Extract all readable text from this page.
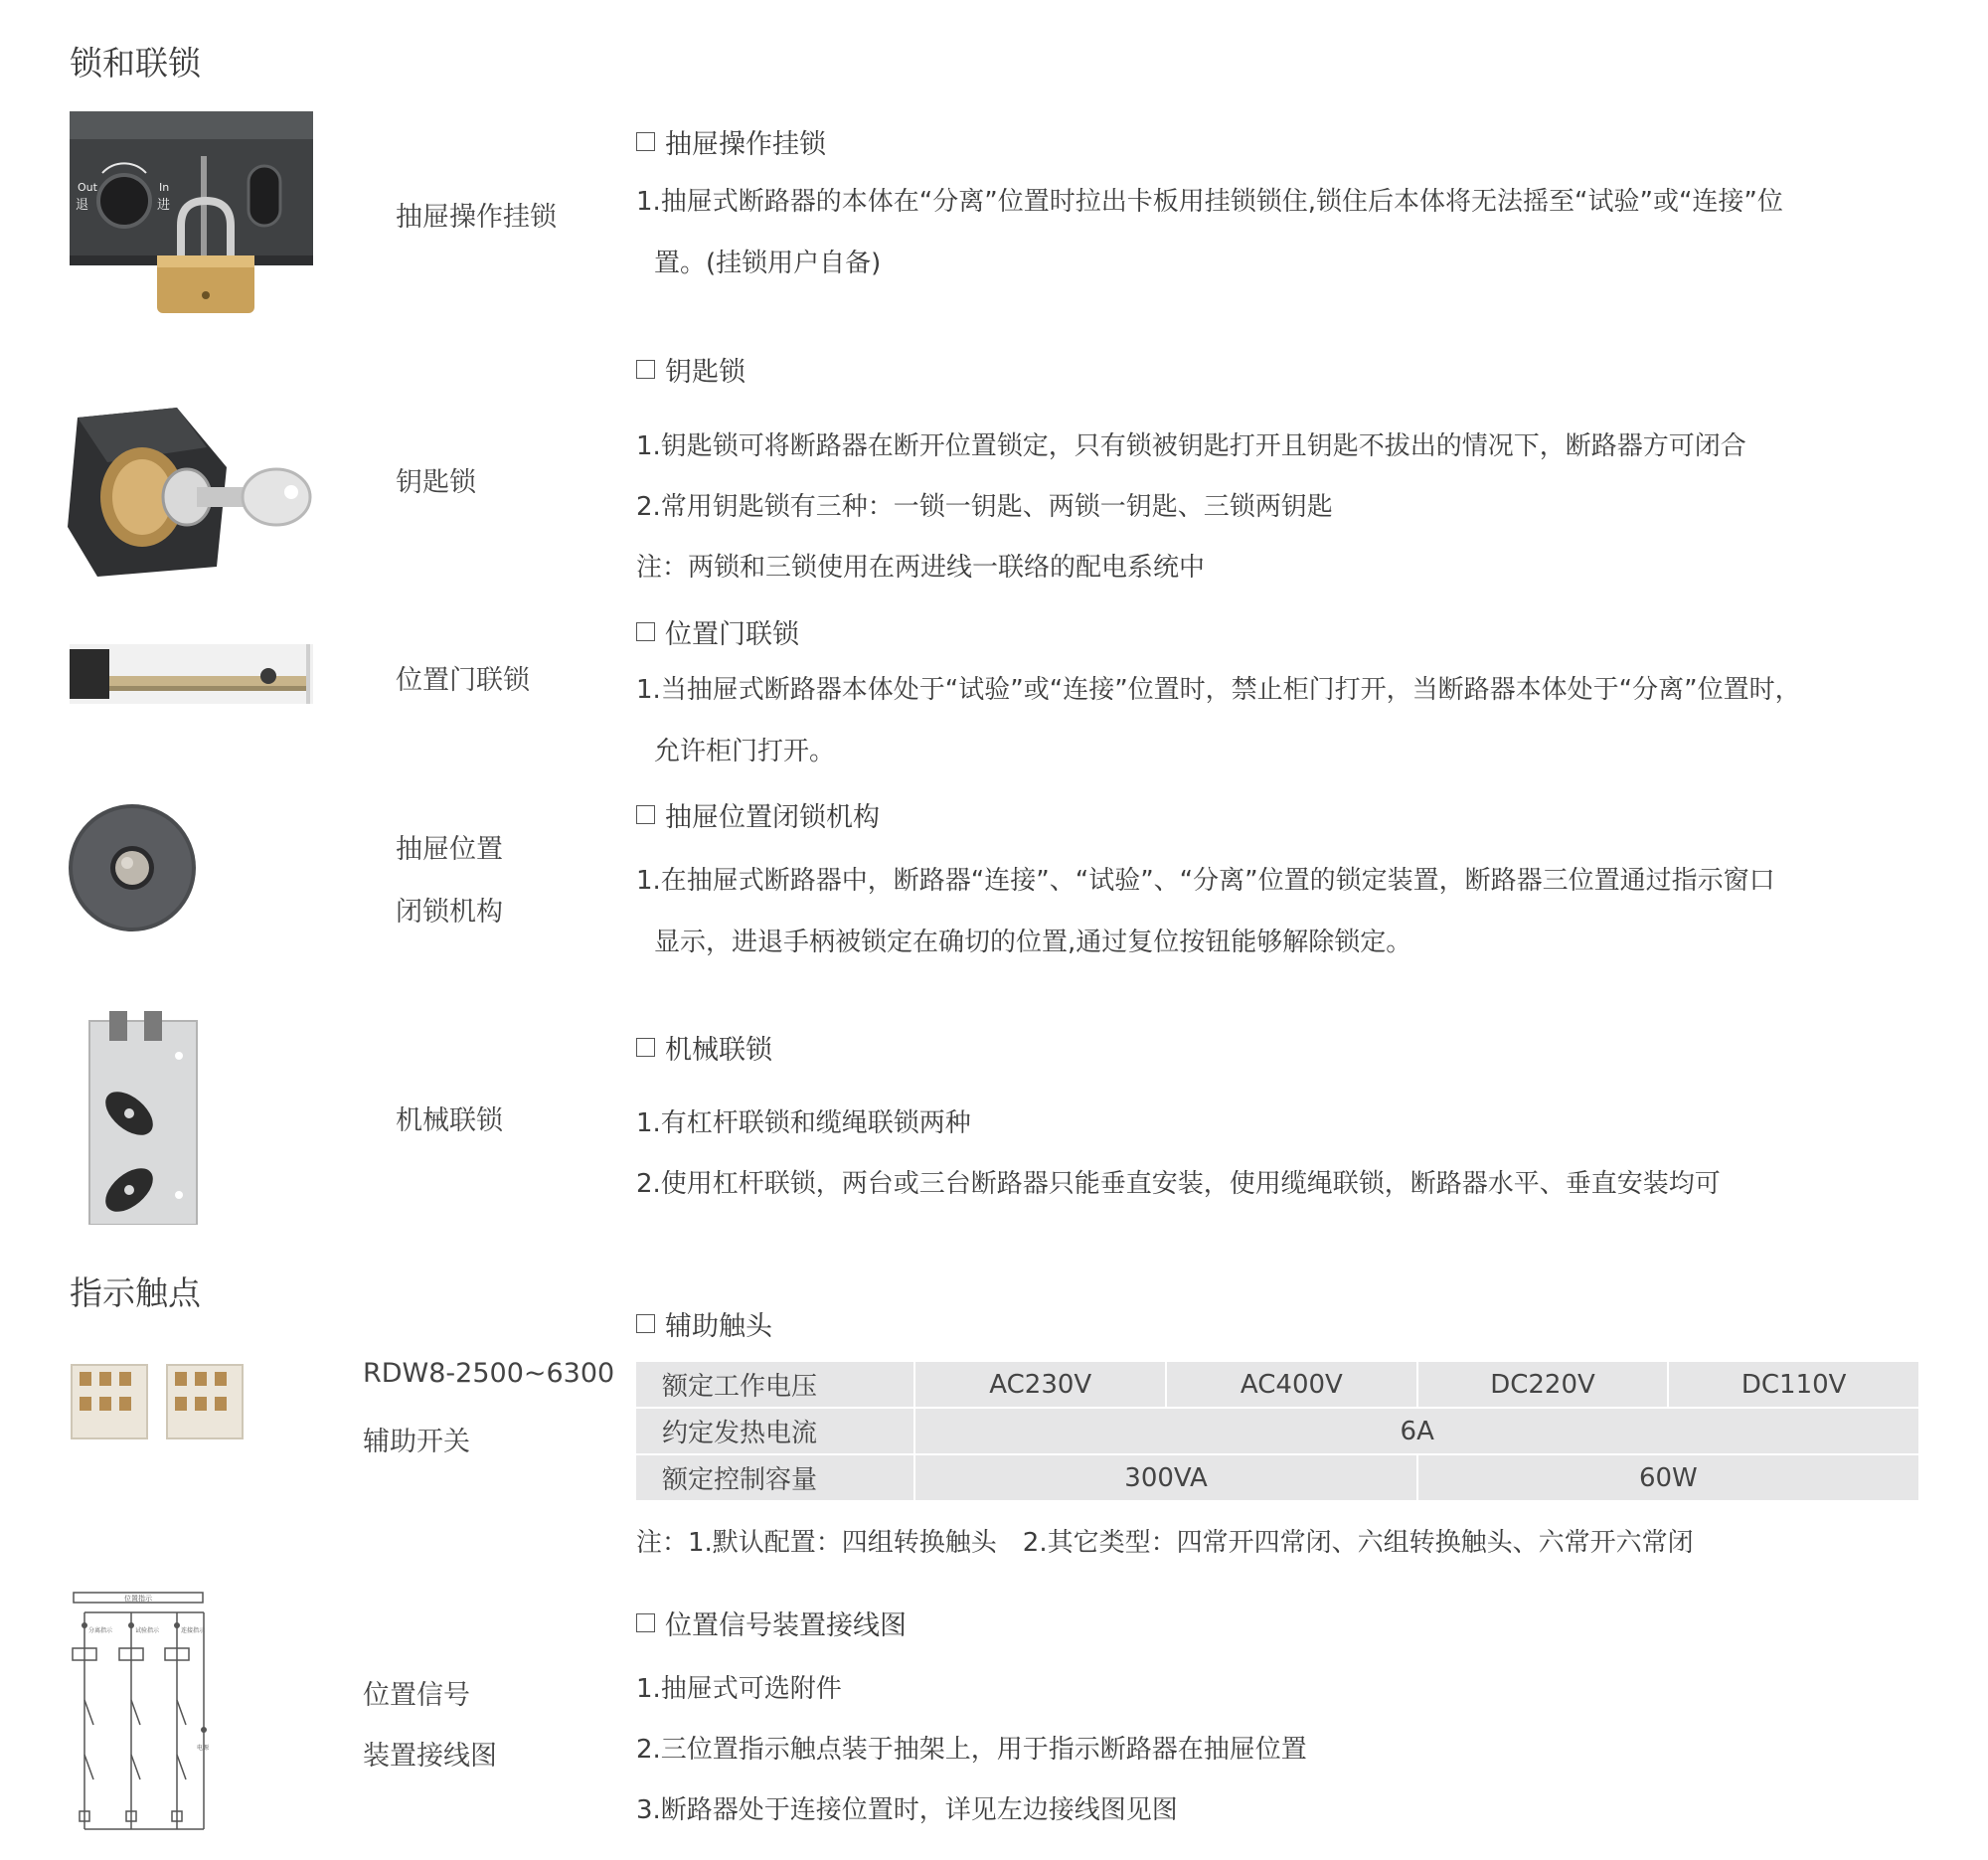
锁和联锁
指示触点
Out
退
In
进	抽屉操作挂锁
抽屉操作挂锁
1.抽屉式断路器的本体在“分离”位置时拉出卡板用挂锁锁住,锁住后本体将无法摇至“试验”或“连接”位
置。(挂锁用户自备)
钥匙锁
钥匙锁
1.钥匙锁可将断路器在断开位置锁定，只有锁被钥匙打开且钥匙不拔出的情况下，断路器方可闭合
2.常用钥匙锁有三种：一锁一钥匙、两锁一钥匙、三锁两钥匙
注：两锁和三锁使用在两进线一联络的配电系统中
位置门联锁
位置门联锁
1.当抽屉式断路器本体处于“试验”或“连接”位置时，禁止柜门打开，当断路器本体处于“分离”位置时，
允许柜门打开。
抽屉位置
闭锁机构
抽屉位置闭锁机构
1.在抽屉式断路器中，断路器“连接”、“试验”、“分离”位置的锁定装置，断路器三位置通过指示窗口
显示，进退手柄被锁定在确切的位置,通过复位按钮能够解除锁定。
机械联锁
机械联锁
1.有杠杆联锁和缆绳联锁两种
2.使用杠杆联锁，两台或三台断路器只能垂直安装，使用缆绳联锁，断路器水平、垂直安装均可
RDW8-2500~6300
辅助开关
辅助触头
额定工作电压	AC230V	AC400V	DC220V	DC110V
约定发热电流	6A			
额定控制容量	300VA		60W	
注：1.默认配置：四组转换触头　2.其它类型：四常开四常闭、六组转换触头、六常开六常闭
位置指示
分离指示	试验指示	连接指示
电源
位置信号
装置接线图
位置信号装置接线图
1.抽屉式可选附件
2.三位置指示触点装于抽架上，用于指示断路器在抽屉位置
3.断路器处于连接位置时，详见左边接线图见图
